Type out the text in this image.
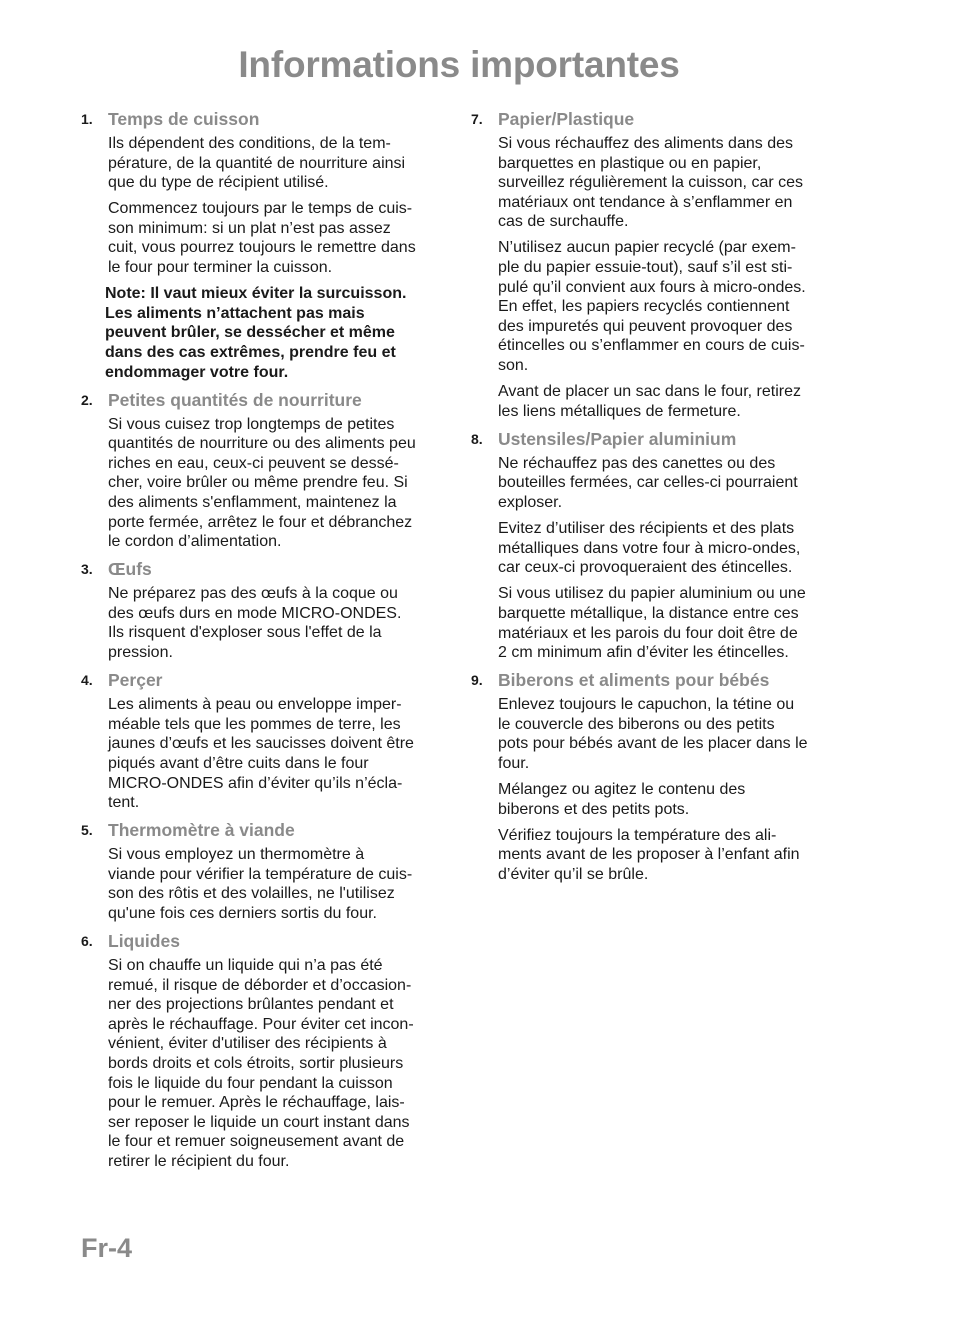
Informations importantes
1. Temps de cuisson

Ils dépendent des conditions, de la tem-
pérature, de la quantité de nourriture ainsi
que du type de récipient utilisé.

Commencez toujours par le temps de cuis-
son minimum: si un plat n’est pas assez
cuit, vous pourrez toujours le remettre dans
le four pour terminer la cuisson.

Note: Il vaut mieux éviter la surcuisson.
Les aliments n’attachent pas mais
peuvent brûler, se dessécher et même
dans des cas extrêmes, prendre feu et
endommager votre four.

2. Petites quantités de nourriture

Si vous cuisez trop longtemps de petites
quantités de nourriture ou des aliments peu
riches en eau, ceux-ci peuvent se dessé-
cher, voire brûler ou même prendre feu. Si
des aliments s'enflamment, maintenez la
porte fermée, arrêtez le four et débranchez
le cordon d’alimentation.

3. Œufs

Ne préparez pas des œufs à la coque ou
des œufs durs en mode MICRO-ONDES.
Ils risquent d'exploser sous l'effet de la
pression.

4. Perçer

Les aliments à peau ou enveloppe imper-
méable tels que les pommes de terre, les
jaunes d’œufs et les saucisses doivent être
piqués avant d’être cuits dans le four
MICRO-ONDES afin d’éviter qu’ils n’écla-
tent.

5. Thermomètre à viande

Si vous employez un thermomètre à
viande pour vérifier la température de cuis-
son des rôtis et des volailles, ne l'utilisez
qu'une fois ces derniers sortis du four.

6. Liquides

Si on chauffe un liquide qui n’a pas été
remué, il risque de déborder et d’occasion-
ner des projections brûlantes pendant et
après le réchauffage. Pour éviter cet incon-
vénient, éviter d'utiliser des récipients à
bords droits et cols étroits, sortir plusieurs
fois le liquide du four pendant la cuisson
pour le remuer. Après le réchauffage, lais-
ser reposer le liquide un court instant dans
le four et remuer soigneusement avant de
retirer le récipient du four.

7. Papier/Plastique

Si vous réchauffez des aliments dans des
barquettes en plastique ou en papier,
surveillez régulièrement la cuisson, car ces
matériaux ont tendance à s’enflammer en
cas de surchauffe.

N’utilisez aucun papier recyclé (par exem-
ple du papier essuie-tout), sauf s’il est sti-
pulé qu’il convient aux fours à micro-ondes.
En effet, les papiers recyclés contiennent
des impuretés qui peuvent provoquer des
étincelles ou s’enflammer en cours de cuis-
son.

Avant de placer un sac dans le four, retirez
les liens métalliques de fermeture.

8. Ustensiles/Papier aluminium

Ne réchauffez pas des canettes ou des
bouteilles fermées, car celles-ci pourraient
exploser.

Evitez d’utiliser des récipients et des plats
métalliques dans votre four à micro-ondes,
car ceux-ci provoqueraient des étincelles.

Si vous utilisez du papier aluminium ou une
barquette métallique, la distance entre ces
matériaux et les parois du four doit être de
2 cm minimum afin d’éviter les étincelles.

9. Biberons et aliments pour bébés

Enlevez toujours le capuchon, la tétine ou
le couvercle des biberons ou des petits
pots pour bébés avant de les placer dans le
four.

Mélangez ou agitez le contenu des
biberons et des petits pots.

Vérifiez toujours la température des ali-
ments avant de les proposer à l’enfant afin
d’éviter qu’il se brûle.

Fr-4
